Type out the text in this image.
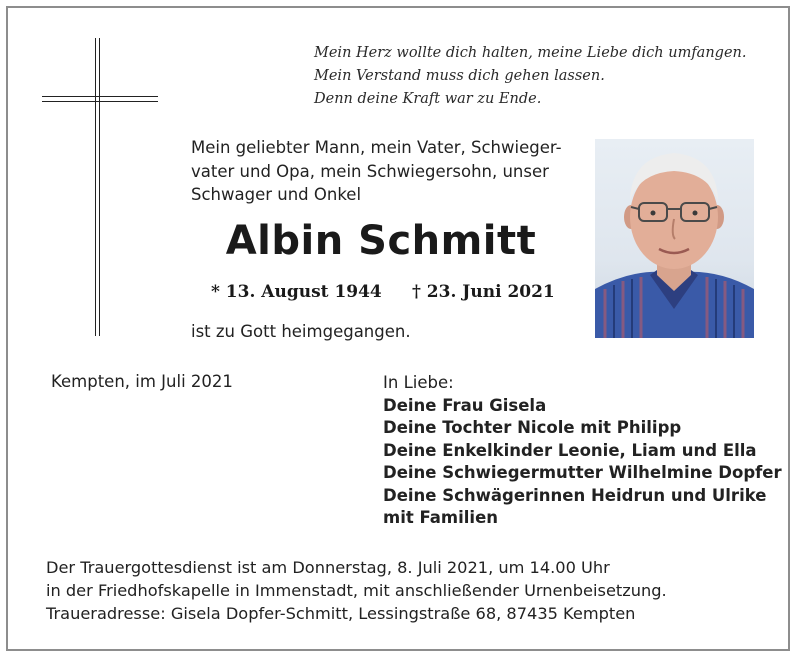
Mein Herz wollte dich halten, meine Liebe dich umfangen.
Mein Verstand muss dich gehen lassen.
Denn deine Kraft war zu Ende.
Mein geliebter Mann, mein Vater, Schwieger-
vater und Opa, mein Schwiegersohn, unser
Schwager und Onkel
Albin Schmitt
* 13. August 1944 † 23. Juni 2021
ist zu Gott heimgegangen.
Kempten, im Juli 2021	In Liebe:
Deine Frau Gisela
Deine Tochter Nicole mit Philipp
Deine Enkelkinder Leonie, Liam und Ella
Deine Schwiegermutter Wilhelmine Dopfer
Deine Schwägerinnen Heidrun und Ulrike
mit Familien
Der Trauergottesdienst ist am Donnerstag, 8. Juli 2021, um 14.00 Uhr
in der Friedhofskapelle in Immenstadt, mit anschließender Urnenbeisetzung.
Traueradresse: Gisela Dopfer-Schmitt, Lessingstraße 68, 87435 Kempten
